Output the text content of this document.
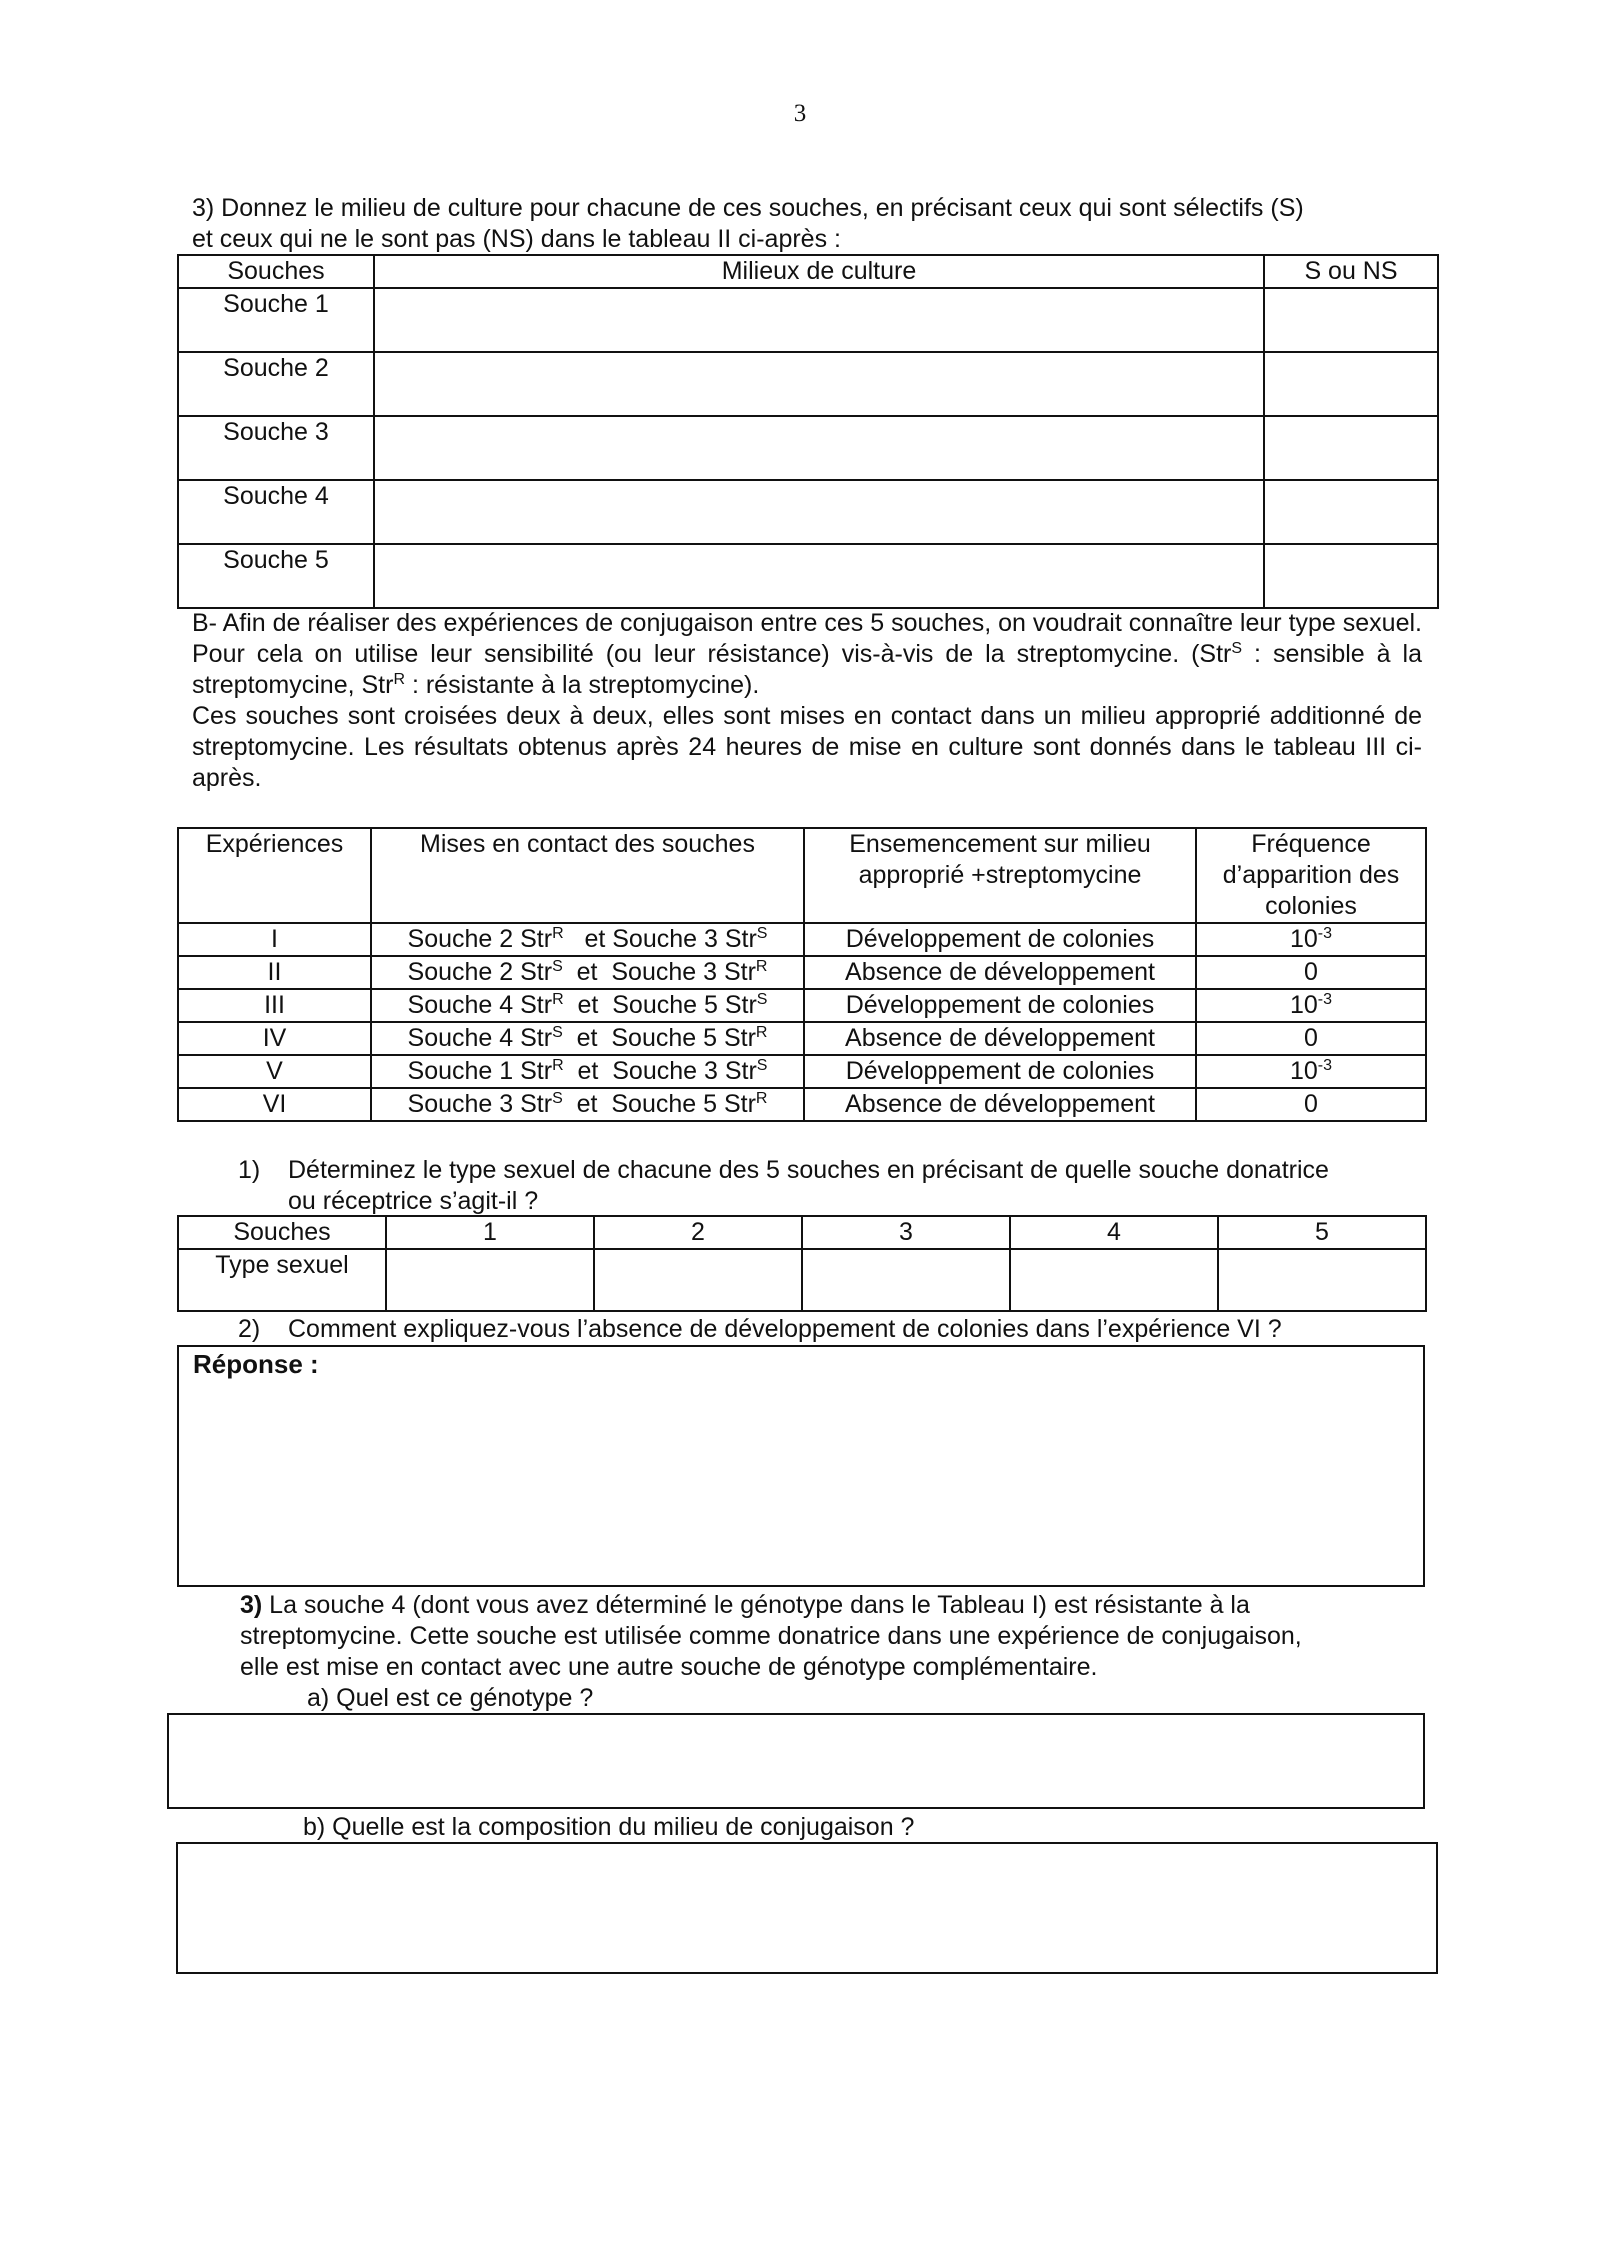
3
3) Donnez le milieu de culture pour chacune de ces souches, en précisant ceux qui sont sélectifs (S)
et ceux qui ne le sont pas (NS) dans le tableau II ci-après :
Souches	Milieux de culture	S ou NS
Souche 1		
Souche 2		
Souche 3		
Souche 4		
Souche 5		
B- Afin de réaliser des expériences de conjugaison entre ces 5 souches, on voudrait connaître leur type sexuel. Pour cela on utilise leur sensibilité (ou leur résistance) vis-à-vis de la streptomycine. (Str$^S$ : sensible à la streptomycine, Str$^R$ : résistante à la streptomycine).
Ces souches sont croisées deux à deux, elles sont mises en contact dans un milieu approprié additionné de streptomycine. Les résultats obtenus après 24 heures de mise en culture sont donnés dans le tableau III ci-après.
Expériences	Mises en contact des souches	Ensemencement sur milieu approprié +streptomycine	Fréquence d’apparition des colonies
I	Souche 2 Str$^R$   et Souche 3 Str$^S$	Développement de colonies	$10^{-3}$
II	Souche 2 Str$^S$  et  Souche 3 Str$^R$	Absence de développement	0
III	Souche 4 Str$^R$  et  Souche 5 Str$^S$	Développement de colonies	$10^{-3}$
IV	Souche 4 Str$^S$  et  Souche 5 Str$^R$	Absence de développement	0
V	Souche 1 Str$^R$  et  Souche 3 Str$^S$	Développement de colonies	$10^{-3}$
VI	Souche 3 Str$^S$  et  Souche 5 Str$^R$	Absence de développement	0
1) Déterminez le type sexuel de chacune des 5 souches en précisant de quelle souche donatrice
ou réceptrice s’agit-il ?
Souches	1	2	3	4	5
Type sexuel					
2) Comment expliquez-vous l’absence de développement de colonies dans l’expérience VI ?
Réponse :
3) La souche 4 (dont vous avez déterminé le génotype dans le Tableau I) est résistante à la
streptomycine. Cette souche est utilisée comme donatrice dans une expérience de conjugaison,
elle est mise en contact avec une autre souche de génotype complémentaire.
a) Quel est ce génotype ?
b) Quelle est la composition du milieu de conjugaison ?
